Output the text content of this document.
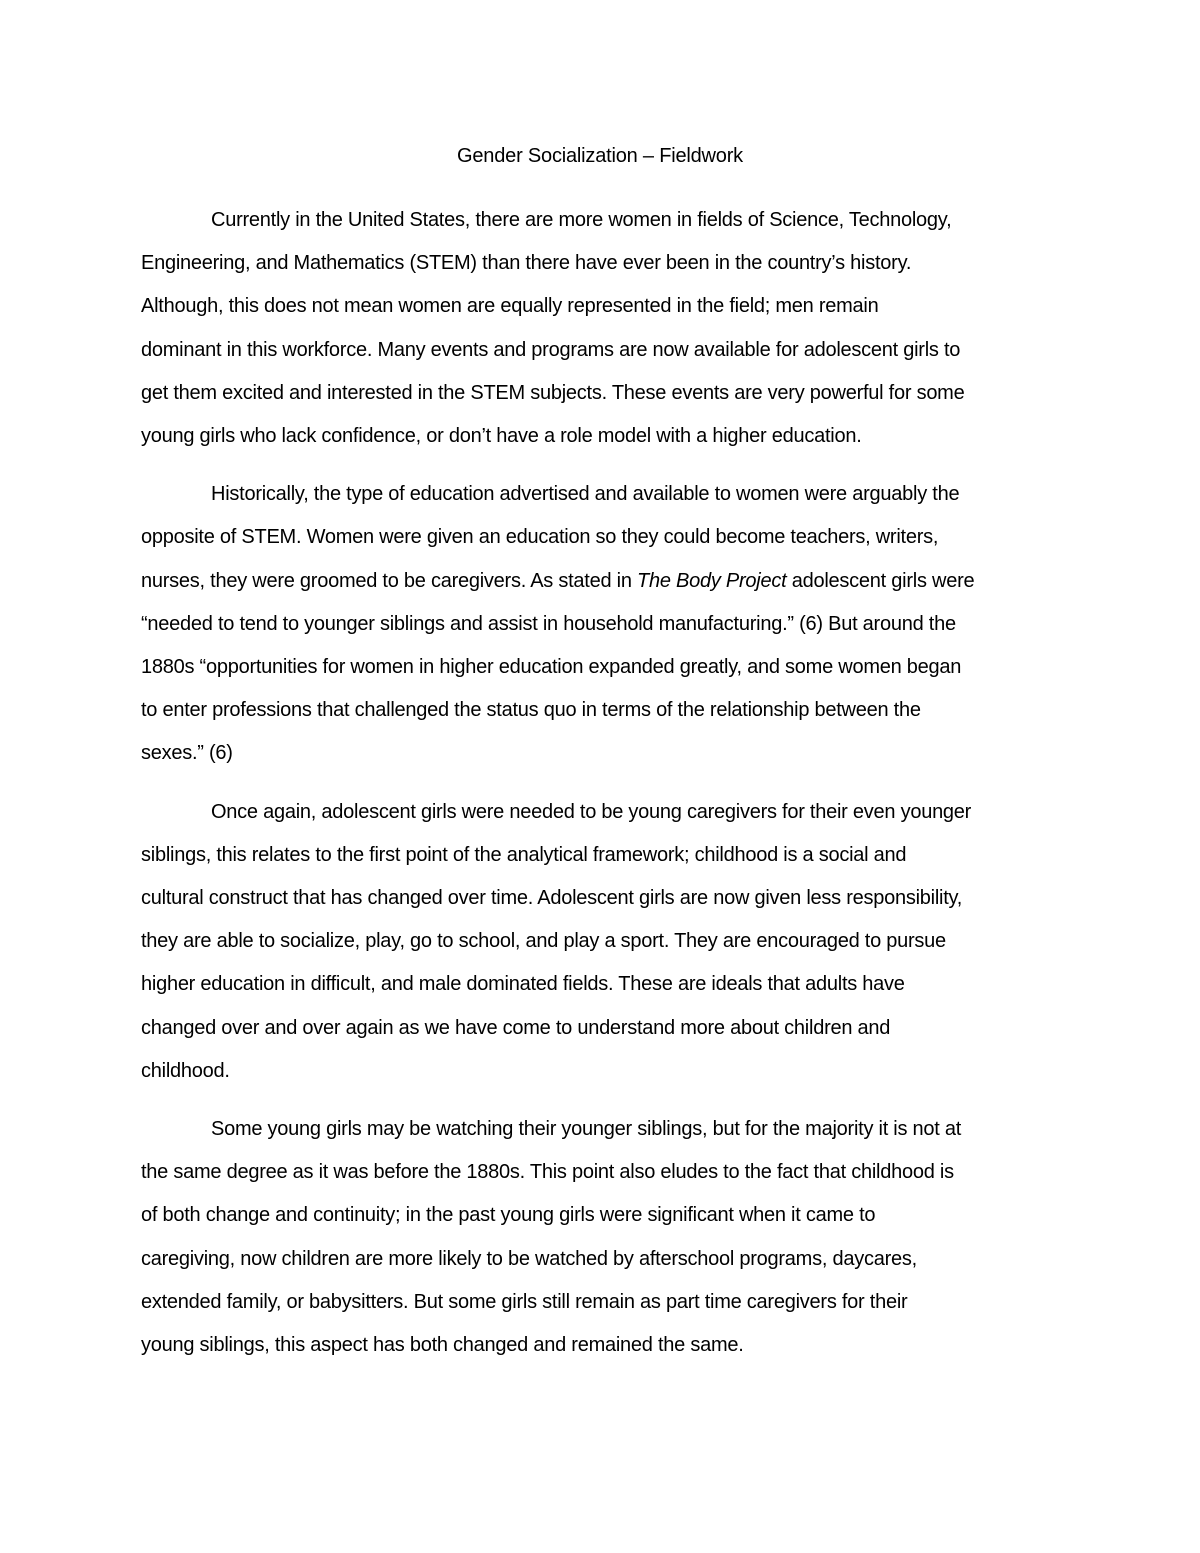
Gender Socialization – Fieldwork
Currently in the United States, there are more women in fields of Science, Technology,
Engineering, and Mathematics (STEM) than there have ever been in the country’s history.
Although, this does not mean women are equally represented in the field; men remain
dominant in this workforce. Many events and programs are now available for adolescent girls to
get them excited and interested in the STEM subjects. These events are very powerful for some
young girls who lack confidence, or don’t have a role model with a higher education.
Historically, the type of education advertised and available to women were arguably the
opposite of STEM. Women were given an education so they could become teachers, writers,
nurses, they were groomed to be caregivers. As stated in The Body Project adolescent girls were
“needed to tend to younger siblings and assist in household manufacturing.” (6) But around the
1880s “opportunities for women in higher education expanded greatly, and some women began
to enter professions that challenged the status quo in terms of the relationship between the
sexes.” (6)
Once again, adolescent girls were needed to be young caregivers for their even younger
siblings, this relates to the first point of the analytical framework; childhood is a social and
cultural construct that has changed over time. Adolescent girls are now given less responsibility,
they are able to socialize, play, go to school, and play a sport. They are encouraged to pursue
higher education in difficult, and male dominated fields. These are ideals that adults have
changed over and over again as we have come to understand more about children and
childhood.
Some young girls may be watching their younger siblings, but for the majority it is not at
the same degree as it was before the 1880s. This point also eludes to the fact that childhood is
of both change and continuity; in the past young girls were significant when it came to
caregiving, now children are more likely to be watched by afterschool programs, daycares,
extended family, or babysitters. But some girls still remain as part time caregivers for their
young siblings, this aspect has both changed and remained the same.
